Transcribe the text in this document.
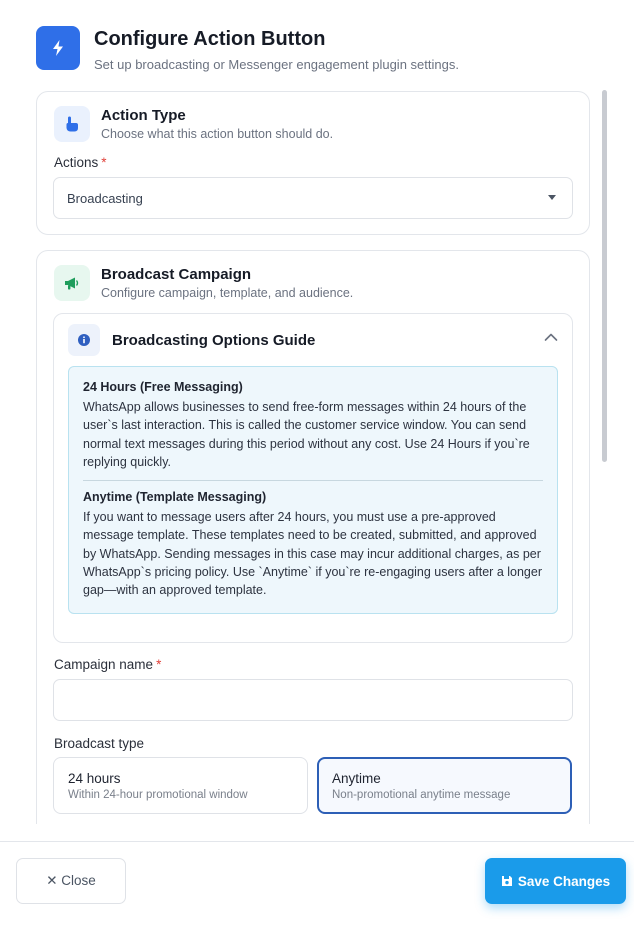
Configure Action Button
Set up broadcasting or Messenger engagement plugin settings.
Action Type
Choose what this action button should do.
Actions *
Broadcasting
Broadcast Campaign
Configure campaign, template, and audience.
Broadcasting Options Guide
24 Hours (Free Messaging)
WhatsApp allows businesses to send free-form messages within 24 hours of the user`s last interaction. This is called the customer service window. You can send normal text messages during this period without any cost. Use 24 Hours if you`re replying quickly.
Anytime (Template Messaging)
If you want to message users after 24 hours, you must use a pre-approved message template. These templates need to be created, submitted, and approved by WhatsApp. Sending messages in this case may incur additional charges, as per WhatsApp`s pricing policy. Use `Anytime` if you`re re-engaging users after a longer gap—with an approved template.
Campaign name *
Broadcast type
24 hours
Within 24-hour promotional window
Anytime
Non-promotional anytime message
✕ Close	Save Changes
